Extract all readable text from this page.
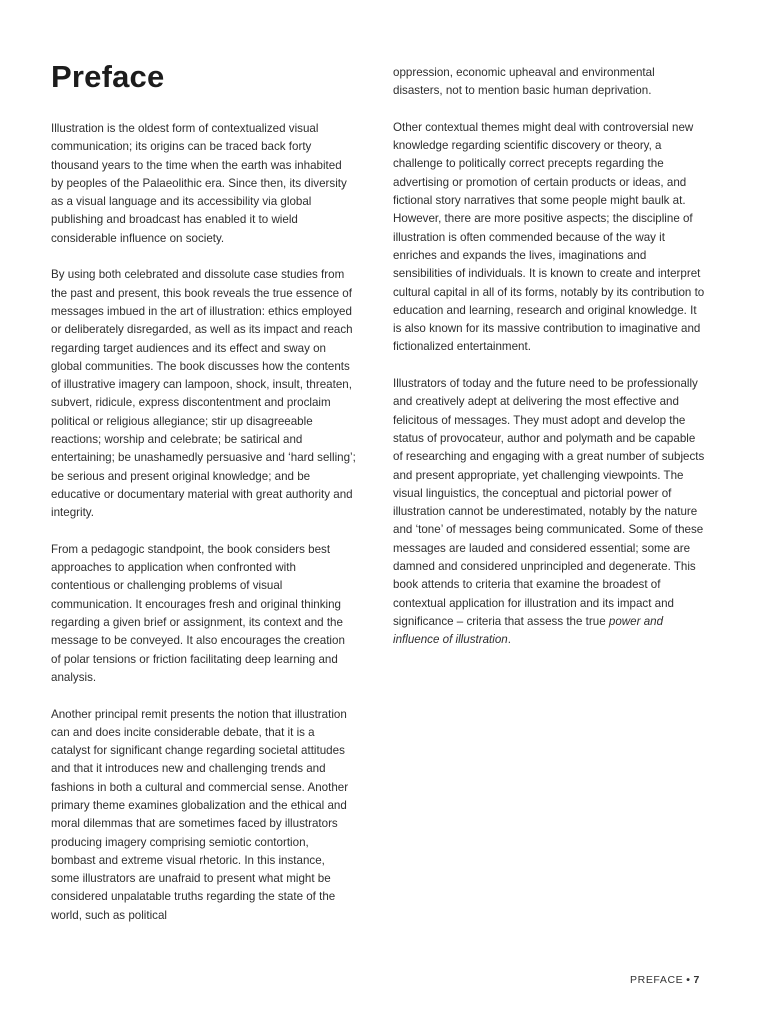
Preface

Illustration is the oldest form of contextualized visual communication; its origins can be traced back forty thousand years to the time when the earth was inhabited by peoples of the Palaeolithic era. Since then, its diversity as a visual language and its accessibility via global publishing and broadcast has enabled it to wield considerable influence on society.

By using both celebrated and dissolute case studies from the past and present, this book reveals the true essence of messages imbued in the art of illustration: ethics employed or deliberately disregarded, as well as its impact and reach regarding target audiences and its effect and sway on global communities. The book discusses how the contents of illustrative imagery can lampoon, shock, insult, threaten, subvert, ridicule, express discontentment and proclaim political or religious allegiance; stir up disagreeable reactions; worship and celebrate; be satirical and entertaining; be unashamedly persuasive and ‘hard selling’; be serious and present original knowledge; and be educative or documentary material with great authority and integrity.

From a pedagogic standpoint, the book considers best approaches to application when confronted with contentious or challenging problems of visual communication. It encourages fresh and original thinking regarding a given brief or assignment, its context and the message to be conveyed. It also encourages the creation of polar tensions or friction facilitating deep learning and analysis.

Another principal remit presents the notion that illustration can and does incite considerable debate, that it is a catalyst for significant change regarding societal attitudes and that it introduces new and challenging trends and fashions in both a cultural and commercial sense. Another primary theme examines globalization and the ethical and moral dilemmas that are sometimes faced by illustrators producing imagery comprising semiotic contortion, bombast and extreme visual rhetoric. In this instance, some illustrators are unafraid to present what might be considered unpalatable truths regarding the state of the world, such as political

oppression, economic upheaval and environmental disasters, not to mention basic human deprivation.

Other contextual themes might deal with controversial new knowledge regarding scientific discovery or theory, a challenge to politically correct precepts regarding the advertising or promotion of certain products or ideas, and fictional story narratives that some people might baulk at. However, there are more positive aspects; the discipline of illustration is often commended because of the way it enriches and expands the lives, imaginations and sensibilities of individuals. It is known to create and interpret cultural capital in all of its forms, notably by its contribution to education and learning, research and original knowledge. It is also known for its massive contribution to imaginative and fictionalized entertainment.

Illustrators of today and the future need to be professionally and creatively adept at delivering the most effective and felicitous of messages. They must adopt and develop the status of provocateur, author and polymath and be capable of researching and engaging with a great number of subjects and present appropriate, yet challenging viewpoints. The visual linguistics, the conceptual and pictorial power of illustration cannot be underestimated, notably by the nature and ‘tone’ of messages being communicated. Some of these messages are lauded and considered essential; some are damned and considered unprincipled and degenerate. This book attends to criteria that examine the broadest of contextual application for illustration and its impact and significance – criteria that assess the true power and influence of illustration.

PREFACE • 7
